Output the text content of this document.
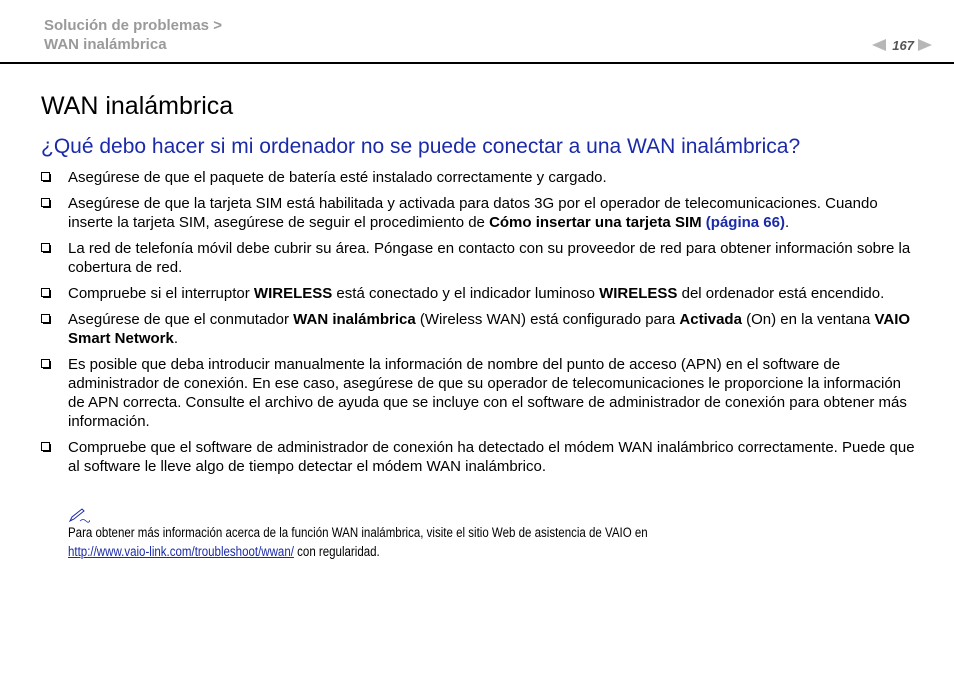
Solución de problemas >
WAN inalámbrica	167
WAN inalámbrica
¿Qué debo hacer si mi ordenador no se puede conectar a una WAN inalámbrica?
Asegúrese de que el paquete de batería esté instalado correctamente y cargado.
Asegúrese de que la tarjeta SIM está habilitada y activada para datos 3G por el operador de telecomunicaciones. Cuando inserte la tarjeta SIM, asegúrese de seguir el procedimiento de Cómo insertar una tarjeta SIM (página 66).
La red de telefonía móvil debe cubrir su área. Póngase en contacto con su proveedor de red para obtener información sobre la cobertura de red.
Compruebe si el interruptor WIRELESS está conectado y el indicador luminoso WIRELESS del ordenador está encendido.
Asegúrese de que el conmutador WAN inalámbrica (Wireless WAN) está configurado para Activada (On) en la ventana VAIO Smart Network.
Es posible que deba introducir manualmente la información de nombre del punto de acceso (APN) en el software de administrador de conexión. En ese caso, asegúrese de que su operador de telecomunicaciones le proporcione la información de APN correcta. Consulte el archivo de ayuda que se incluye con el software de administrador de conexión para obtener más información.
Compruebe que el software de administrador de conexión ha detectado el módem WAN inalámbrico correctamente. Puede que al software le lleve algo de tiempo detectar el módem WAN inalámbrico.
Para obtener más información acerca de la función WAN inalámbrica, visite el sitio Web de asistencia de VAIO en
http://www.vaio-link.com/troubleshoot/wwan/ con regularidad.
